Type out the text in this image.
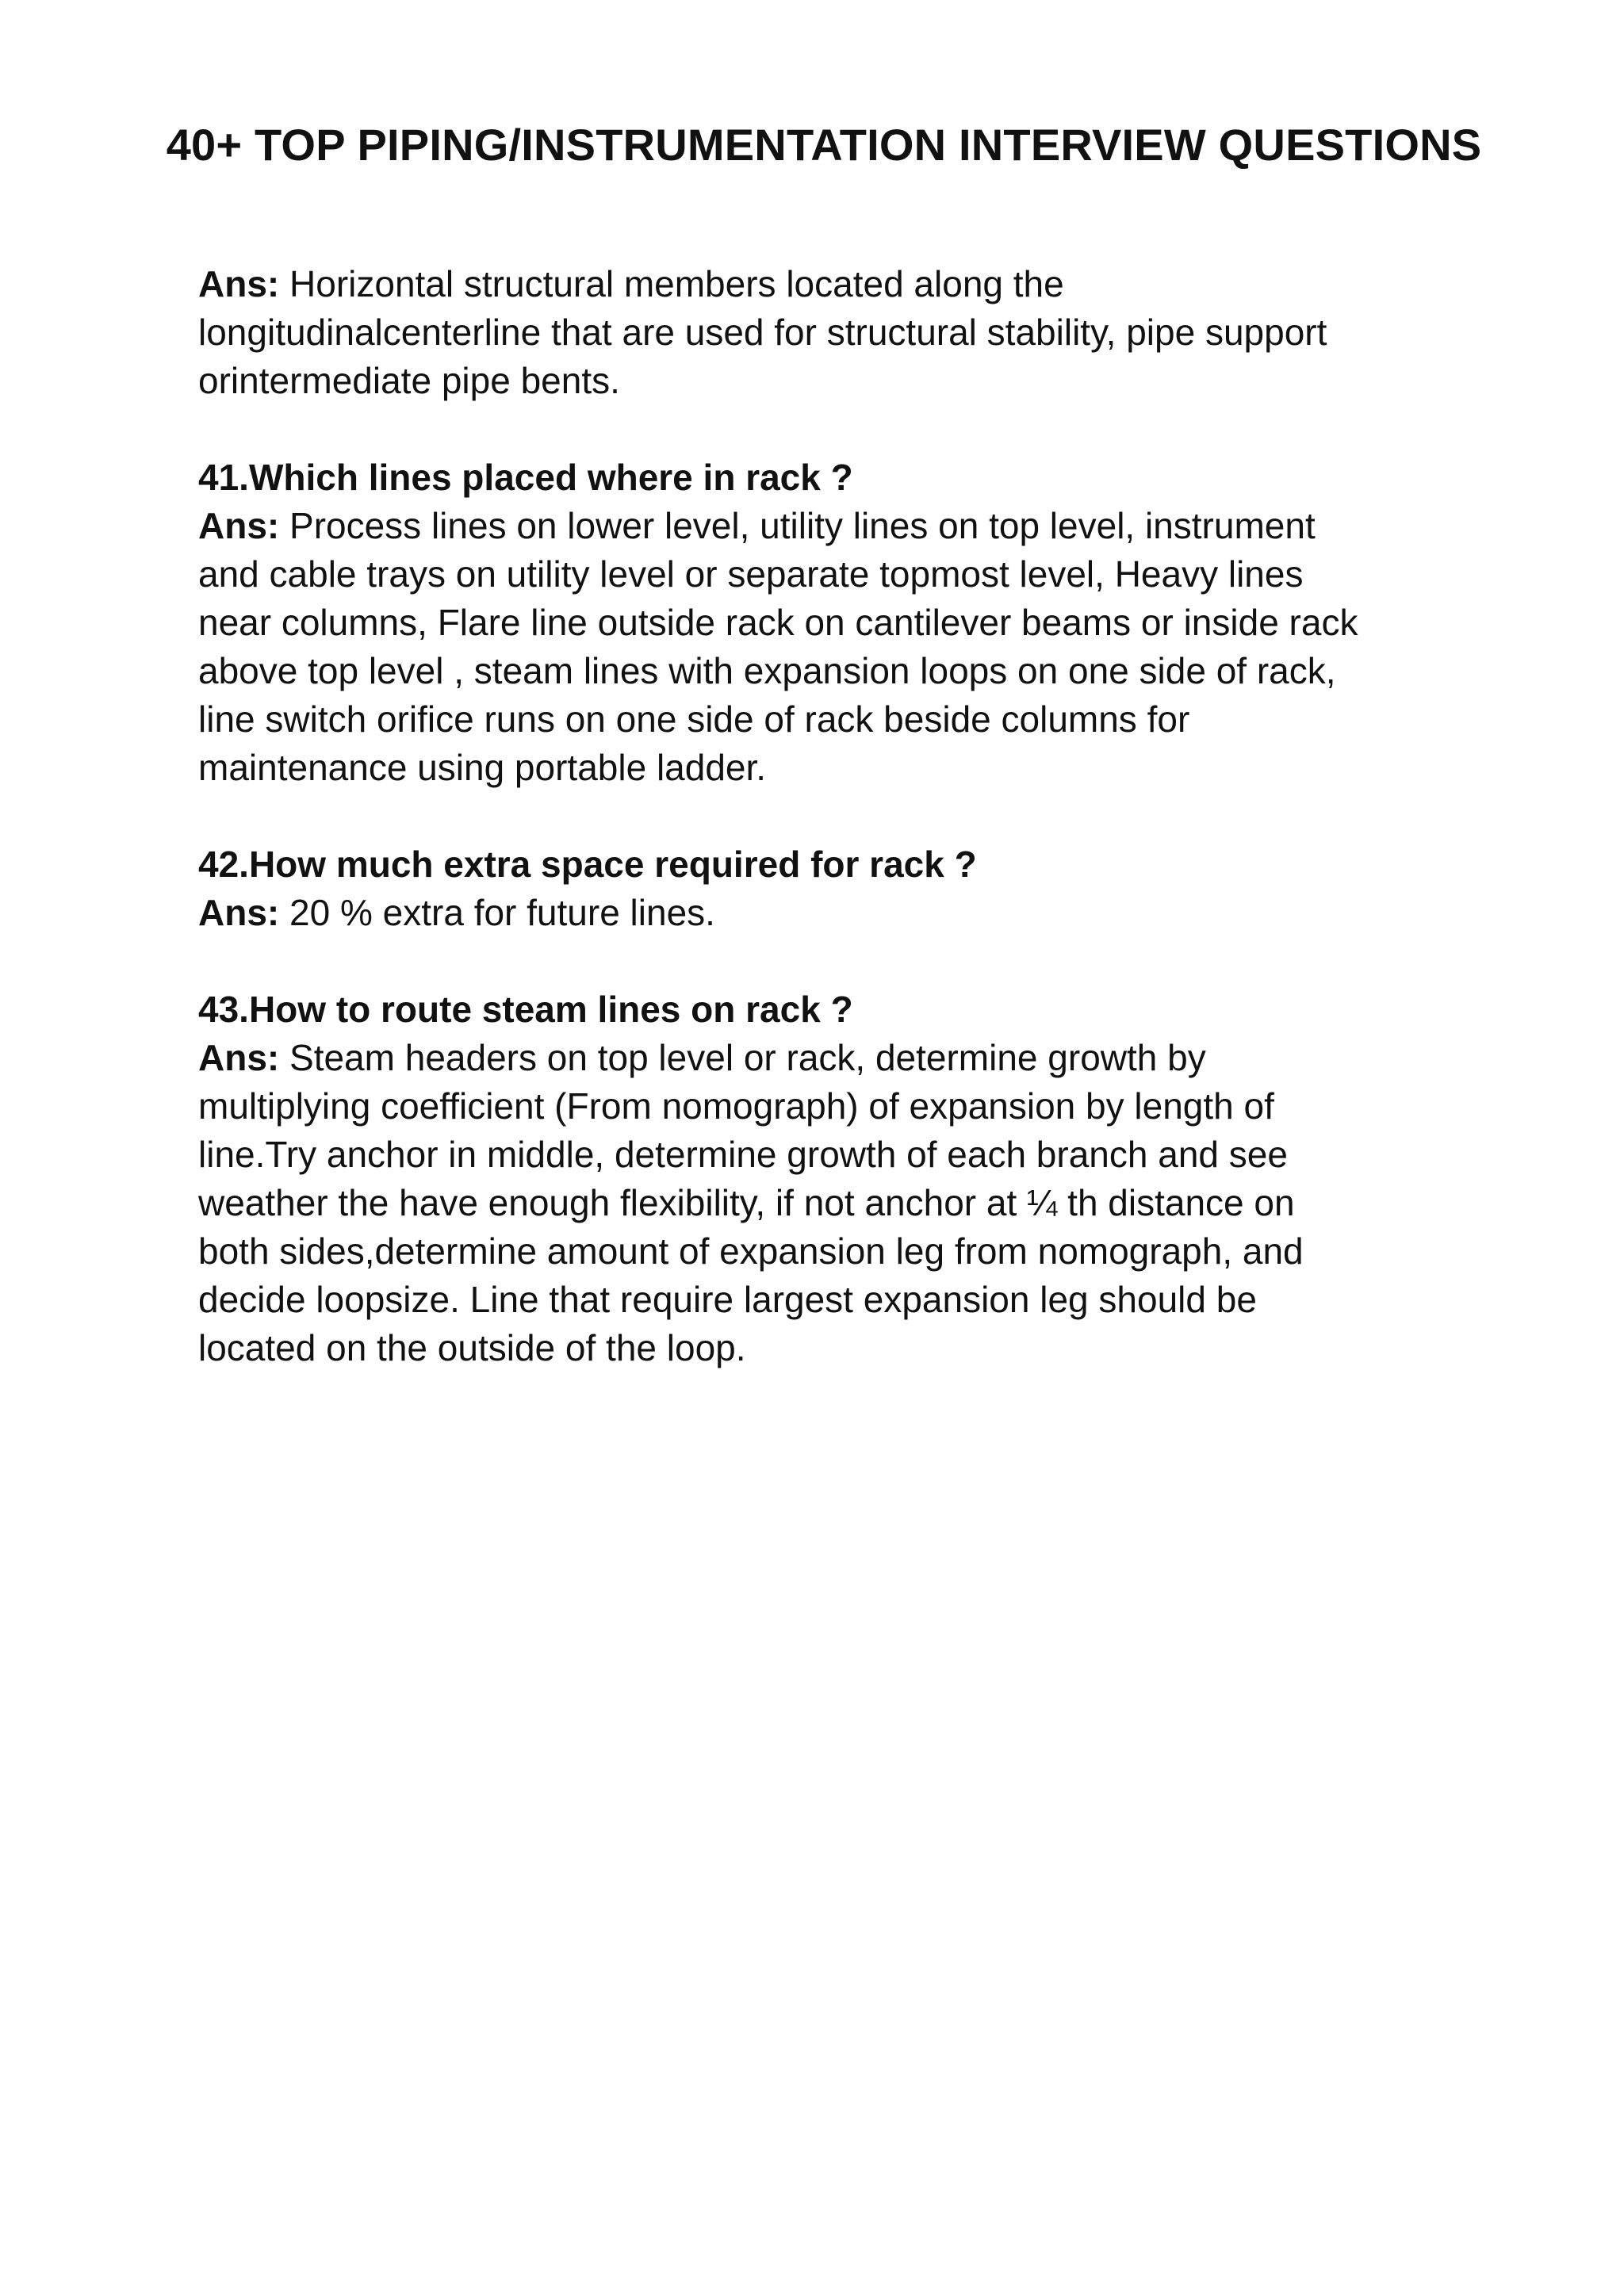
40+ TOP PIPING/INSTRUMENTATION INTERVIEW QUESTIONS
Ans: Horizontal structural members located along the
longitudinalcenterline that are used for structural stability, pipe support
orintermediate pipe bents.

41.Which lines placed where in rack ?

Ans: Process lines on lower level, utility lines on top level, instrument
and cable trays on utility level or separate topmost level, Heavy lines
near columns, Flare line outside rack on cantilever beams or inside rack
above top level , steam lines with expansion loops on one side of rack,
line switch orifice runs on one side of rack beside columns for
maintenance using portable ladder.

42.How much extra space required for rack ?

Ans: 20 % extra for future lines.

43.How to route steam lines on rack ?

Ans: Steam headers on top level or rack, determine growth by
multiplying coefficient (From nomograph) of expansion by length of
line.Try anchor in middle, determine growth of each branch and see
weather the have enough flexibility, if not anchor at ¼ th distance on
both sides,determine amount of expansion leg from nomograph, and
decide loopsize. Line that require largest expansion leg should be
located on the outside of the loop.
